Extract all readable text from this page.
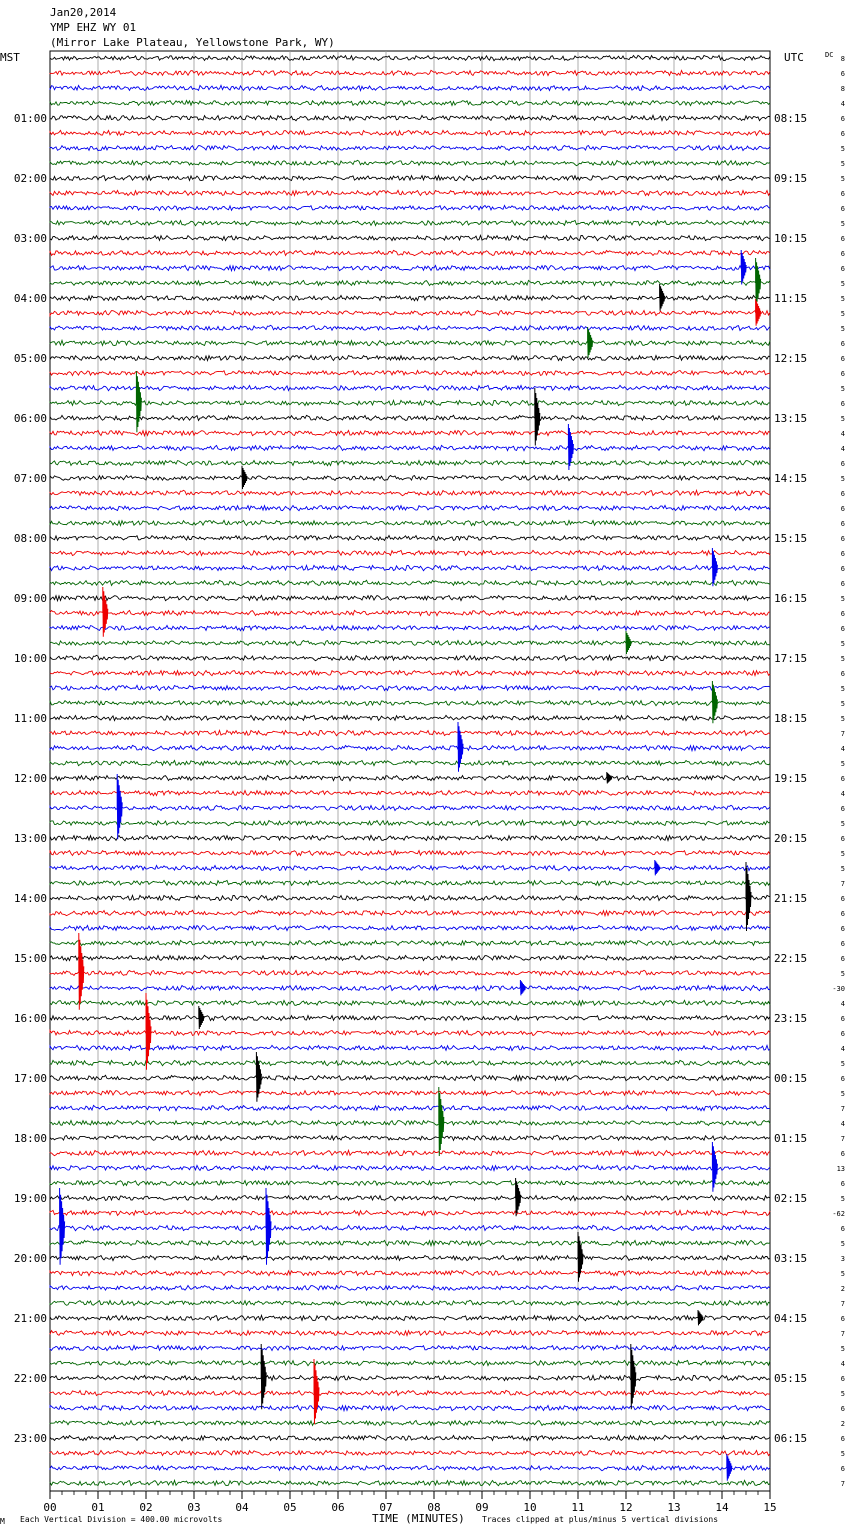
Jan20,2014
YMP EHZ WY 01
(Mirror Lake Plateau, Yellowstone Park, WY)
MST	UTC	DC
01:00
02:00
03:00
04:00
05:00
06:00
07:00
08:00
09:00
10:00
11:00
12:00
13:00
14:00
15:00
16:00
17:00
18:00
19:00
20:00
21:00
22:00
23:00
08:15
09:15
10:15
11:15
12:15
13:15
14:15
15:15
16:15
17:15
18:15
19:15
20:15
21:15
22:15
23:15
00:15
01:15
02:15
03:15
04:15
05:15
06:15
8
6
8
4
6
6
5
5
5
6
6
5
6
6
6
5
5
5
5
6
6
6
5
6
5
4
4
6
5
6
6
6
6
6
6
6
5
6
6
5
5
6
5
5
5
7
4
5
6
4
6
5
6
5
5
7
6
6
6
6
6
5
-30
4
6
6
4
5
6
5
7
4
7
6
13
6
5
-62
6
5
3
5
2
7
6
7
5
4
6
5
6
2
6
5
6
7
00	01	02	03	04	05	06	07	08	09	10	11	12	13	14	15
TIME (MINUTES)
M Each Vertical Division = 400.00 microvolts	Traces clipped at plus/minus 5 vertical divisions
